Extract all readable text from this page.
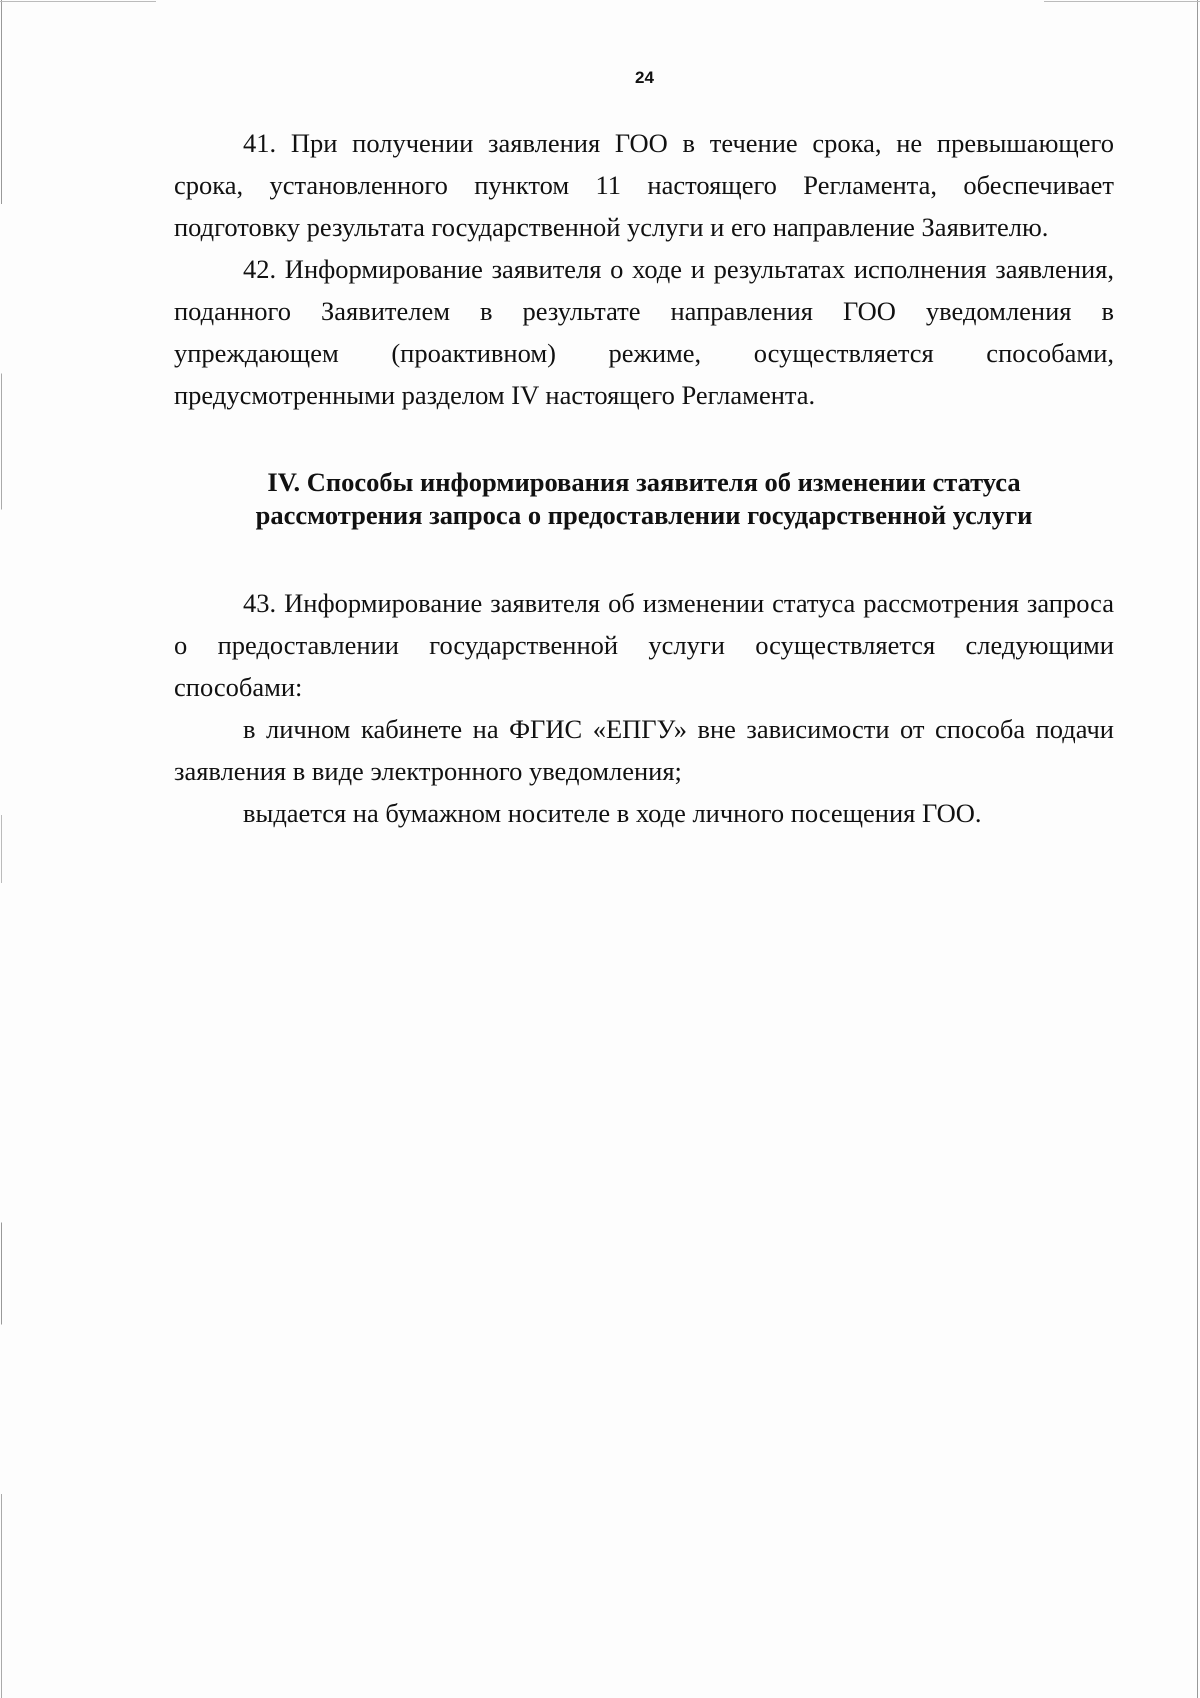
24

41. При получении заявления ГОО в течение срока, не превышающего срока, установленного пунктом 11 настоящего Регламента, обеспечивает подготовку результата государственной услуги и его направление Заявителю.

42. Информирование заявителя о ходе и результатах исполнения заявления, поданного Заявителем в результате направления ГОО уведомления в упреждающем (проактивном) режиме, осуществляется способами, предусмотренными разделом IV настоящего Регламента.

IV. Способы информирования заявителя об изменении статуса

рассмотрения запроса о предоставлении государственной услуги

43. Информирование заявителя об изменении статуса рассмотрения запроса о предоставлении государственной услуги осуществляется следующими способами:

в личном кабинете на ФГИС «ЕПГУ» вне зависимости от способа подачи заявления в виде электронного уведомления;

выдается на бумажном носителе в ходе личного посещения ГОО.
